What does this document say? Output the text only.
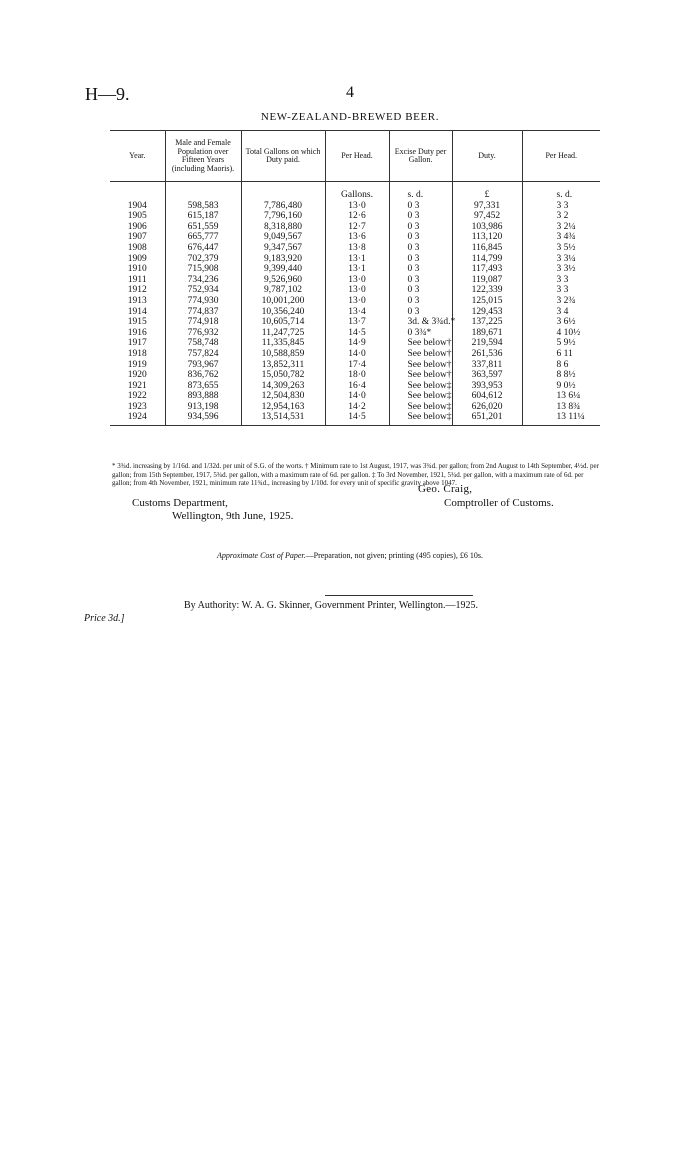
H—9.	4
NEW-ZEALAND-BREWED BEER.
Year.	Male and Female Population over Fifteen Years (including Maoris).	Total Gallons on which Duty paid.	Per Head.	Excise Duty per Gallon.	Duty.	Per Head.

			Gallons.	s. d.	£	s. d.
1904	598,583	7,786,480	13·0	0 3	97,331	3 3
1905	615,187	7,796,160	12·6	0 3	97,452	3 2
1906	651,559	8,318,880	12·7	0 3	103,986	3 2¼
1907	665,777	9,049,567	13·6	0 3	113,120	3 4¾
1908	676,447	9,347,567	13·8	0 3	116,845	3 5½
1909	702,379	9,183,920	13·1	0 3	114,799	3 3¼
1910	715,908	9,399,440	13·1	0 3	117,493	3 3½
1911	734,236	9,526,960	13·0	0 3	119,087	3 3
1912	752,934	9,787,102	13·0	0 3	122,339	3 3
1913	774,930	10,001,200	13·0	0 3	125,015	3 2¾
1914	774,837	10,356,240	13·4	0 3	129,453	3 4
1915	774,918	10,605,714	13·7	3d. & 3¾d.*	137,225	3 6½
1916	776,932	11,247,725	14·5	0 3¾*	189,671	4 10½
1917	758,748	11,335,845	14·9	See below†	219,594	5 9½
1918	757,824	10,588,859	14·0	See below†	261,536	6 11
1919	793,967	13,852,311	17·4	See below†	337,811	8 6
1920	836,762	15,050,782	18·0	See below†	363,597	8 8½
1921	873,655	14,309,263	16·4	See below‡	393,953	9 0½
1922	893,888	12,504,830	14·0	See below‡	604,612	13 6¼
1923	913,198	12,954,163	14·2	See below‡	626,020	13 8¾
1924	934,596	13,514,531	14·5	See below‡	651,201	13 11¼
* 3¾d. increasing by 1/16d. and 1/32d. per unit of S.G. of the worts. † Minimum rate to 1st August, 1917, was 3¾d. per gallon; from 2nd August to 14th September, 4½d. per gallon; from 15th September, 1917, 5¾d. per gallon, with a maximum rate of 6d. per gallon. ‡ To 3rd November, 1921, 5¾d. per gallon, with a maximum rate of 6d. per gallon; from 4th November, 1921, minimum rate 11¾d., increasing by 1/10d. for every unit of specific gravity above 1047.
Geo. Craig,
Comptroller of Customs.
Customs Department,
Wellington, 9th June, 1925.
Approximate Cost of Paper.—Preparation, not given; printing (495 copies), £6 10s.
By Authority: W. A. G. Skinner, Government Printer, Wellington.—1925.
Price 3d.]
